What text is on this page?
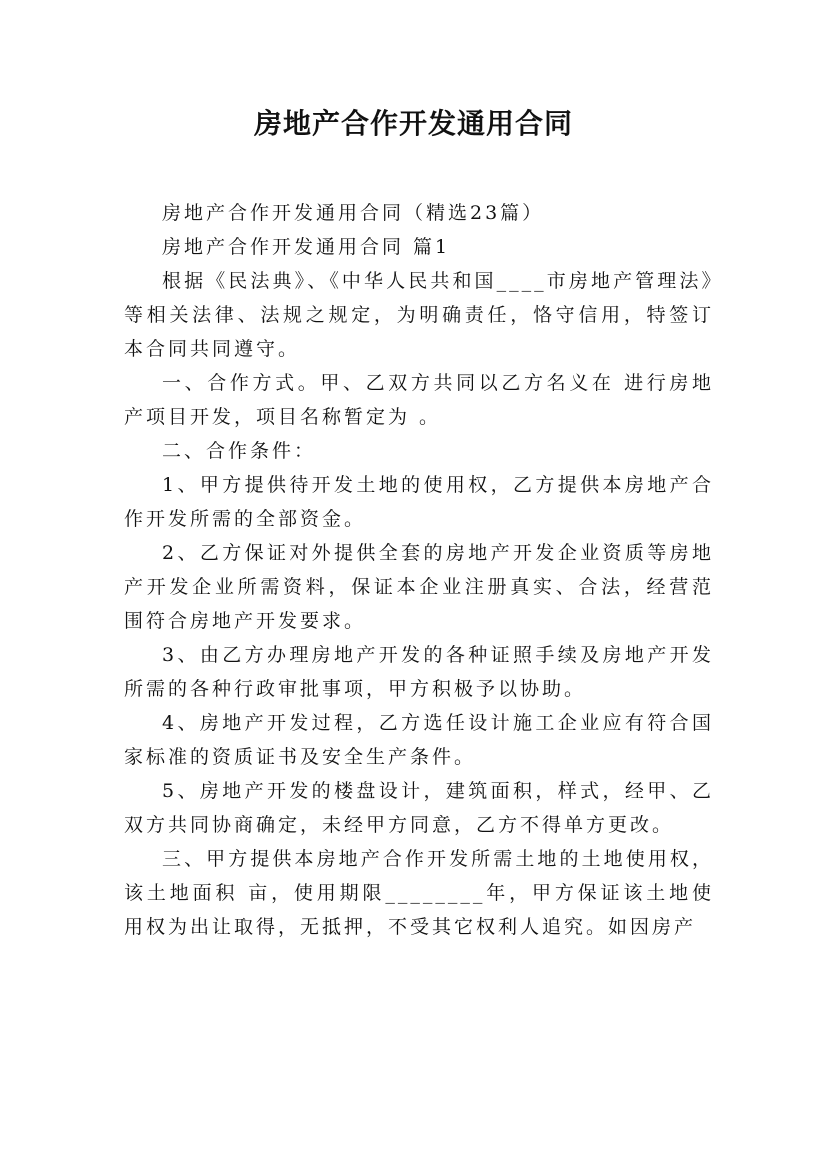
房地产合作开发通用合同

房地产合作开发通用合同（精选23篇）

房地产合作开发通用合同 篇1

根据《民法典》、《中华人民共和国____市房地产管理法》等相关法律、法规之规定，为明确责任，恪守信用，特签订本合同共同遵守。

一、合作方式。甲、乙双方共同以乙方名义在 进行房地产项目开发，项目名称暂定为 。

二、合作条件：

1、甲方提供待开发土地的使用权，乙方提供本房地产合作开发所需的全部资金。

2、乙方保证对外提供全套的房地产开发企业资质等房地产开发企业所需资料，保证本企业注册真实、合法，经营范围符合房地产开发要求。

3、由乙方办理房地产开发的各种证照手续及房地产开发所需的各种行政审批事项，甲方积极予以协助。

4、房地产开发过程，乙方选任设计施工企业应有符合国家标准的资质证书及安全生产条件。

5、房地产开发的楼盘设计，建筑面积，样式，经甲、乙双方共同协商确定，未经甲方同意，乙方不得单方更改。

三、甲方提供本房地产合作开发所需土地的土地使用权，该土地面积 亩，使用期限________年，甲方保证该土地使用权为出让取得，无抵押，不受其它权利人追究。如因房产
